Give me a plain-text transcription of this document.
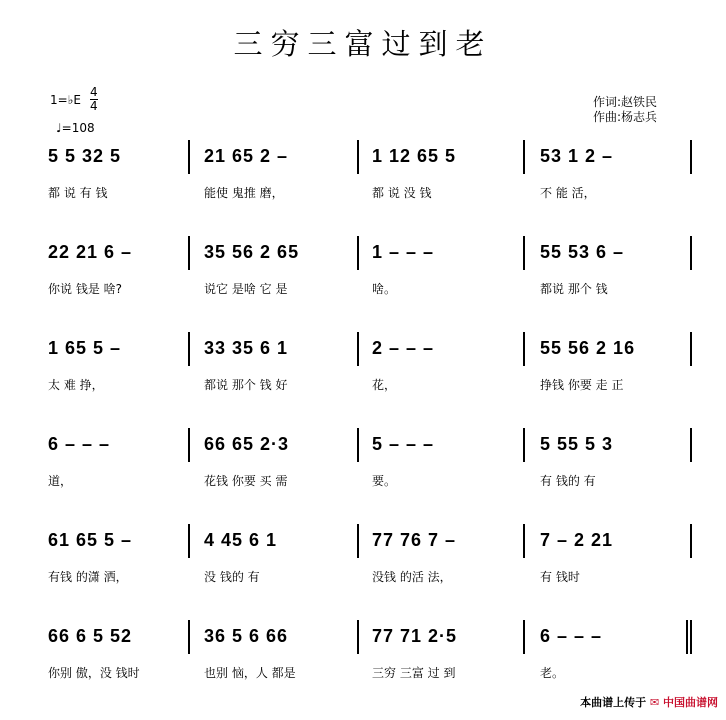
三穷三富过到老
1=♭E
4
4
♩=108
作词:赵铁民
作曲:杨志兵
5 5 32 5	21 65 2 –	1 12 65 5	53 1 2 –
都 说 有 钱	能使 鬼推 磨，	都 说 没 钱	不 能 活，
22 21 6 –	35 56 2 65	1 – – –	55 53 6 –
你说 钱是 啥?	说它 是啥 它 是	啥。	都说 那个 钱
1 65 5 –	33 35 6 1	2 – – –	55 56 2 16
太 难 挣，	都说 那个 钱 好	花，	挣钱 你要 走 正
6 – – –	66 65 2·3	5 – – –	5 55 5 3
道，	花钱 你要 买 需	要。	有 钱的 有
61 65 5 –	4 45 6 1	77 76 7 –	7 – 2 21
有钱 的潇 洒，	没 钱的 有	没钱 的活 法，	有 钱时
66 6 5 52	36 5 6 66	77 71 2·5	6 – – –
你别 傲，没 钱时	也别 恼，人 都是	三穷 三富 过 到	老。
本曲谱上传于 ✉ 中国曲谱网
